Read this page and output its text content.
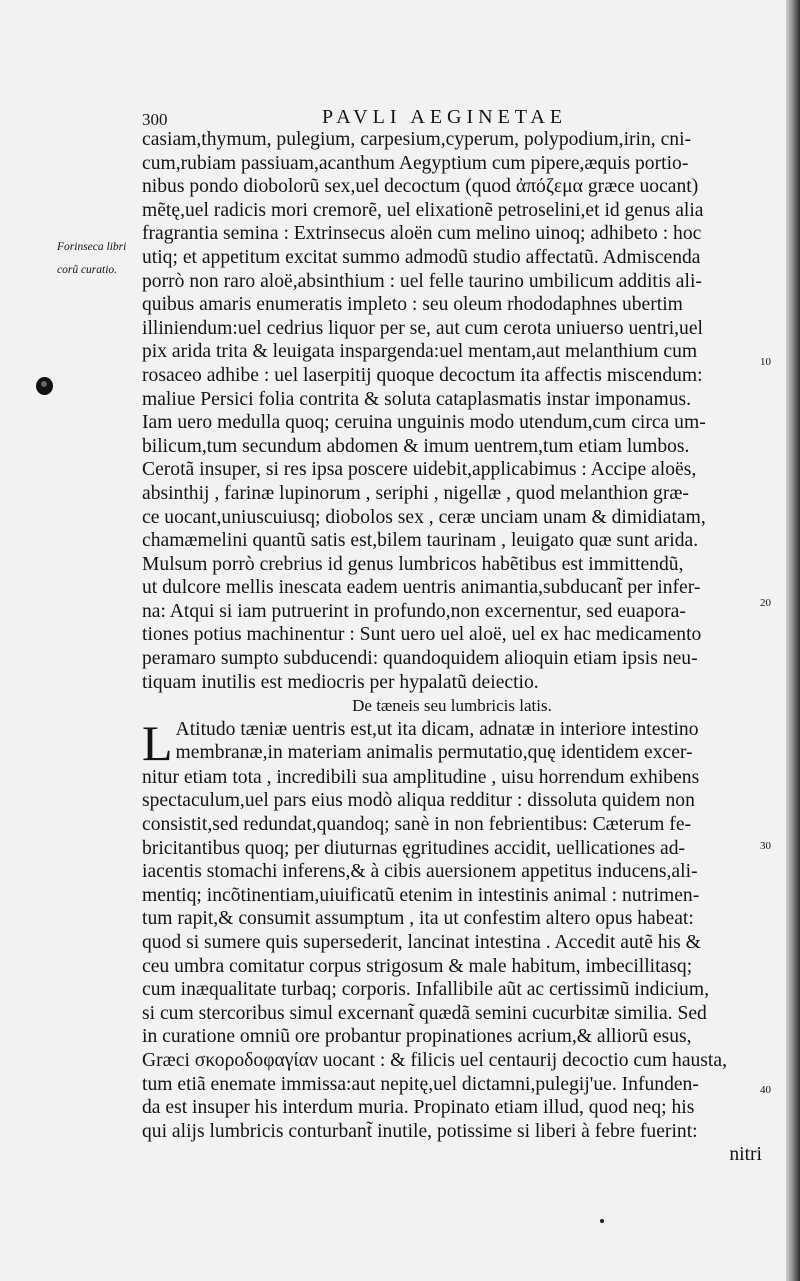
300	PAVLI AEGINETAE
Forinseca libri
corũ curatio.
10
20
30
40
casiam,thymum, pulegium, carpesium,cyperum, polypodium,irin, cni-
cum,rubiam passiuam,acanthum Aegyptium cum pipere,æquis portio-
nibus pondo diobolorũ sex,uel decoctum (quod ἀπόζεμα græce uocant)
mẽtę,uel radicis mori cremorẽ, uel elixationẽ petroselini,et id genus alia
fragrantia semina : Extrinsecus aloën cum melino uinoq; adhibeto : hoc
utiq; et appetitum excitat summo admodũ studio affectatũ. Admiscenda
porrò non raro aloë,absinthium : uel felle taurino umbilicum additis ali-
quibus amaris enumeratis impleto : seu oleum rhododaphnes ubertim
illiniendum:uel cedrius liquor per se, aut cum cerota uniuerso uentri,uel
pix arida trita & leuigata inspargenda:uel mentam,aut melanthium cum
rosaceo adhibe : uel laserpitij quoque decoctum ita affectis miscendum:
maliue Persici folia contrita & soluta cataplasmatis instar imponamus.
Iam uero medulla quoq; ceruina unguinis modo utendum,cum circa um-
bilicum,tum secundum abdomen & imum uentrem,tum etiam lumbos.
Cerotã insuper, si res ipsa poscere uidebit,applicabimus : Accipe aloës,
absinthij , farinæ lupinorum , seriphi , nigellæ , quod melanthion græ-
ce uocant,uniuscuiusq; diobolos sex , ceræ unciam unam & dimidiatam,
chamæmelini quantũ satis est,bilem taurinam , leuigato quæ sunt arida.
Mulsum porrò crebrius id genus lumbricos habẽtibus est immittendũ,
ut dulcore mellis inescata eadem uentris animantia,subducant̃ per infer-
na: Atqui si iam putruerint in profundo,non excernentur, sed euapora-
tiones potius machinentur : Sunt uero uel aloë, uel ex hac medicamento
peramaro sumpto subducendi: quandoquidem alioquin etiam ipsis neu-
tiquam inutilis est mediocris per hypalatũ deiectio.
De tæneis seu lumbricis latis.
L Atitudo tæniæ uentris est,ut ita dicam, adnatæ in interiore intestino
membranæ,in materiam animalis permutatio,quę identidem excer-
nitur etiam tota , incredibili sua amplitudine , uisu horrendum exhibens
spectaculum,uel pars eius modò aliqua redditur : dissoluta quidem non
consistit,sed redundat,quandoq; sanè in non febrientibus: Cæterum fe-
bricitantibus quoq; per diuturnas ęgritudines accidit, uellicationes ad-
iacentis stomachi inferens,& à cibis auersionem appetitus inducens,ali-
mentiq; incõtinentiam,uiuificatũ etenim in intestinis animal : nutrimen-
tum rapit,& consumit assumptum , ita ut confestim altero opus habeat:
quod si sumere quis supersederit, lancinat intestina . Accedit autẽ his &
ceu umbra comitatur corpus strigosum & male habitum, imbecillitasq;
cum inæqualitate turbaq; corporis. Infallibile aũt ac certissimũ indicium,
si cum stercoribus simul excernant̃ quædã semini cucurbitæ similia. Sed
in curatione omniũ ore probantur propinationes acrium,& alliorũ esus,
Græci σκοροδοφαγίαν uocant : & filicis uel centaurij decoctio cum hausta,
tum etiã enemate immissa:aut nepitę,uel dictamni,pulegij'ue. Infunden-
da est insuper his interdum muria. Propinato etiam illud, quod neq; his
qui alijs lumbricis conturbant̃ inutile, potissime si liberi à febre fuerint:
nitri
